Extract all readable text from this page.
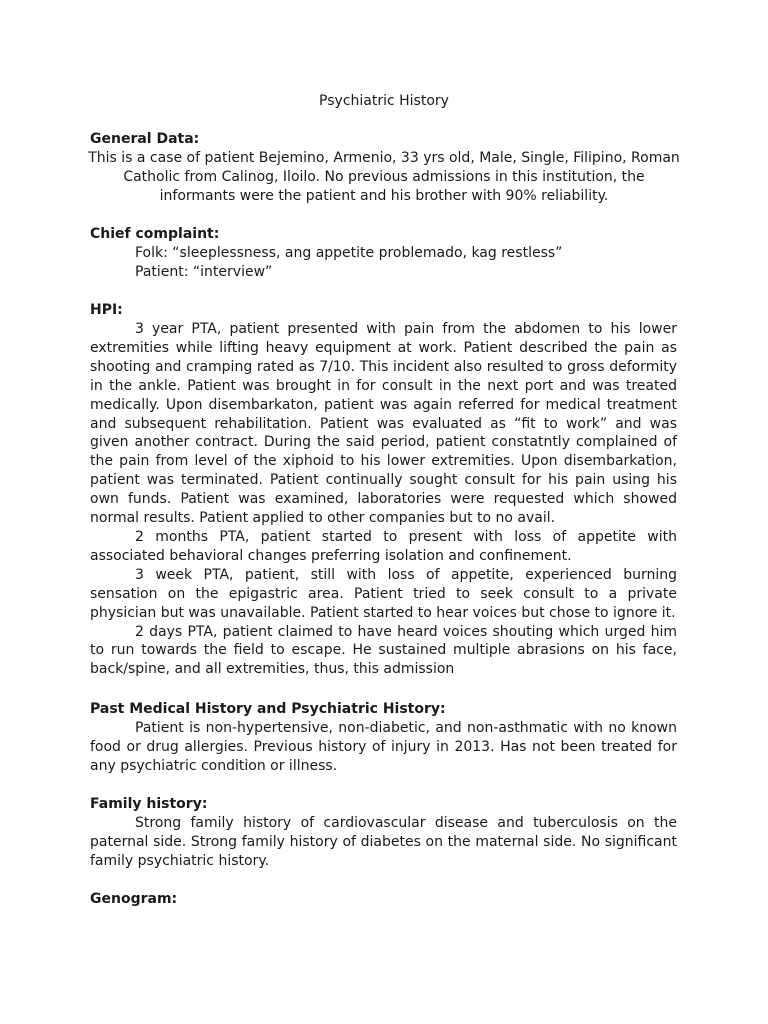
Psychiatric History
General Data:
This is a case of patient Bejemino, Armenio, 33 yrs old, Male, Single, Filipino, Roman Catholic from Calinog, Iloilo. No previous admissions in this institution, the informants were the patient and his brother with 90% reliability.
Chief complaint:
Folk: “sleeplessness, ang appetite problemado, kag restless”
Patient: “interview”
HPI:

3 year PTA, patient presented with pain from the abdomen to his lower extremities while lifting heavy equipment at work. Patient described the pain as shooting and cramping rated as 7/10. This incident also resulted to gross deformity in the ankle. Patient was brought in for consult in the next port and was treated medically. Upon disembarkaton, patient was again referred for medical treatment and subsequent rehabilitation. Patient was evaluated as “fit to work” and was given another contract. During the said period, patient constatntly complained of the pain from level of the xiphoid to his lower extremities. Upon disembarkation, patient was terminated. Patient continually sought consult for his pain using his own funds. Patient was examined, laboratories were requested which showed normal results. Patient applied to other companies but to no avail.

2 months PTA, patient started to present with loss of appetite with associated behavioral changes preferring isolation and confinement.

3 week PTA, patient, still with loss of appetite, experienced burning sensation on the epigastric area. Patient tried to seek consult to a private physician but was unavailable. Patient started to hear voices but chose to ignore it.

2 days PTA, patient claimed to have heard voices shouting which urged him to run towards the field to escape. He sustained multiple abrasions on his face, back/spine, and all extremities, thus, this admission

Past Medical History and Psychiatric History:

Patient is non-hypertensive, non-diabetic, and non-asthmatic with no known food or drug allergies. Previous history of injury in 2013. Has not been treated for any psychiatric condition or illness.

Family history:

Strong family history of cardiovascular disease and tuberculosis on the paternal side. Strong family history of diabetes on the maternal side. No significant family psychiatric history.

Genogram:
